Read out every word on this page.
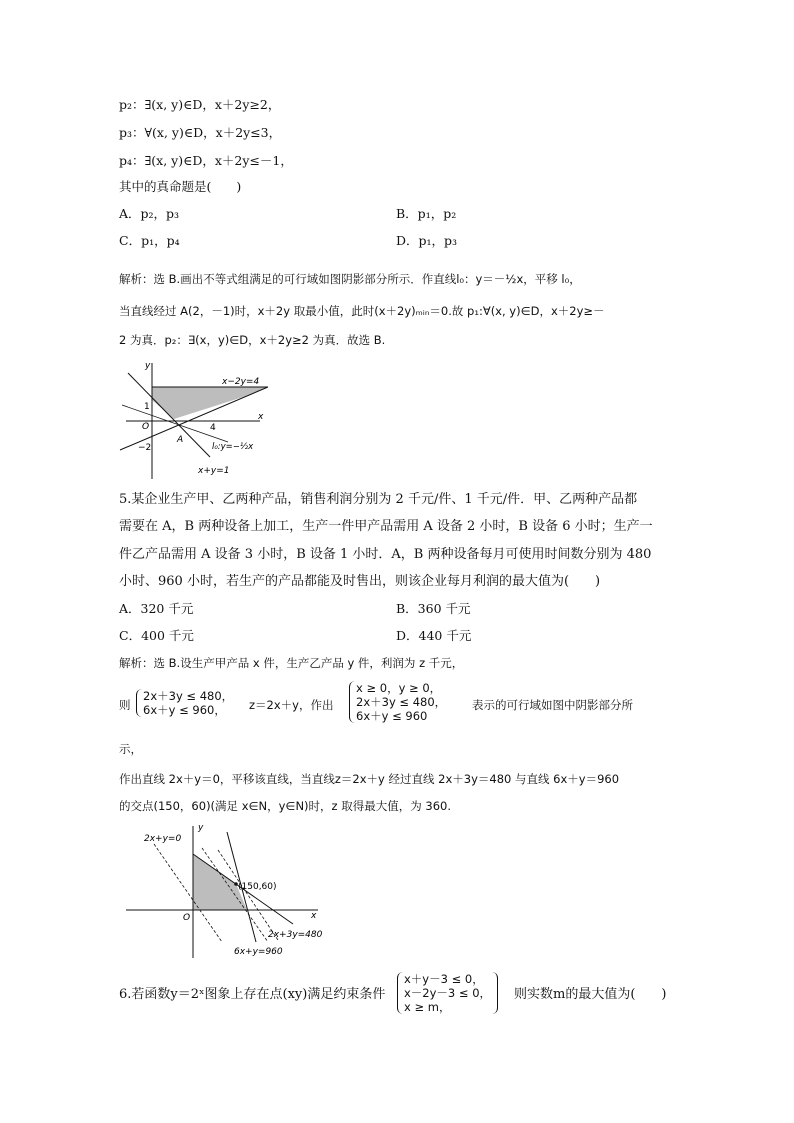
p₂：∃(x, y)∈D，x＋2y≥2，
p₃：∀(x, y)∈D，x＋2y≤3，
p₄：∃(x, y)∈D，x＋2y≤－1，
其中的真命题是(　　)
A．p₂，p₃	B．p₁，p₂
C．p₁，p₄	D．p₁，p₃
解析：选 B.画出不等式组满足的可行域如图阴影部分所示．作直线l₀：y＝－½x，平移 l₀，
当直线经过 A(2，－1)时，x＋2y 取最小值，此时(x＋2y)ₘᵢₙ＝0.故 p₁:∀(x, y)∈D，x＋2y≥－
2 为真．p₂：∃(x，y)∈D，x＋2y≥2 为真．故选 B.
y
x
x−2y=4
1
O	4
−2
A
l₀:y=−½x
x+y=1
5.某企业生产甲、乙两种产品，销售利润分别为 2 千元/件、1 千元/件．甲、乙两种产品都
需要在 A，B 两种设备上加工，生产一件甲产品需用 A 设备 2 小时，B 设备 6 小时；生产一
件乙产品需用 A 设备 3 小时，B 设备 1 小时．A，B 两种设备每月可使用时间数分别为 480
小时、960 小时，若生产的产品都能及时售出，则该企业每月利润的最大值为(　　)
A．320 千元	B．360 千元
C．400 千元	D．440 千元
解析：选 B.设生产甲产品 x 件，生产乙产品 y 件，利润为 z 千元，
则
2x＋3y ≤ 480，
6x＋y ≤ 960，	z＝2x＋y，作出
x ≥ 0，y ≥ 0，
2x＋3y ≤ 480，
6x＋y ≤ 960
表示的可行域如图中阴影部分所
示，
作出直线 2x＋y＝0，平移该直线，当直线z＝2x＋y 经过直线 2x＋3y＝480 与直线 6x＋y＝960
的交点(150，60)(满足 x∈N，y∈N)时，z 取得最大值，为 360.
2x+y=0
y
(150,60)
O	x
2x+3y=480
6x+y=960
6.若函数y＝2ˣ图象上存在点(xy)满足约束条件
x＋y－3 ≤ 0，
x－2y－3 ≤ 0，
x ≥ m，
则实数m的最大值为(　　)
